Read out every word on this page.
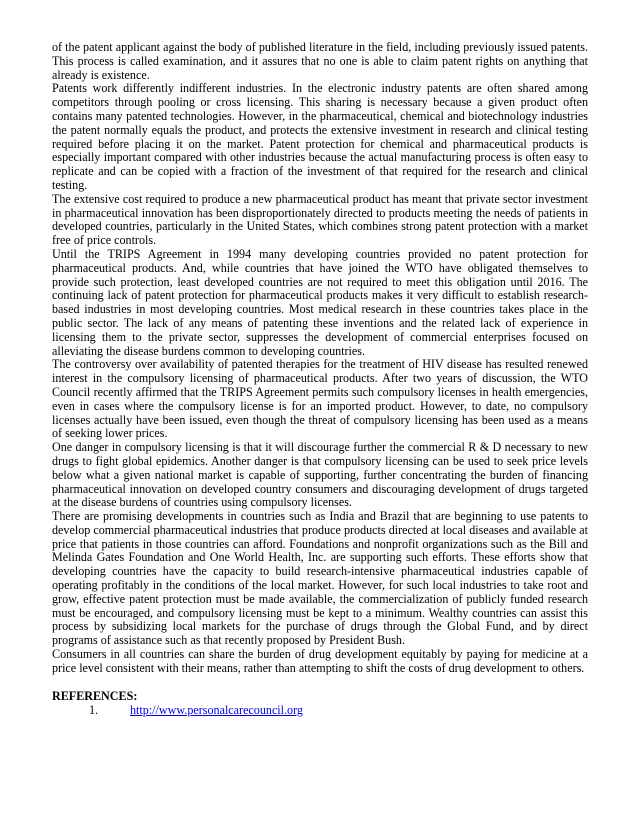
of the patent applicant against the body of published literature in the field, including previously issued patents. This process is called examination, and it assures that no one is able to claim patent rights on anything that already is existence.

Patents work differently indifferent industries. In the electronic industry patents are often shared among competitors through pooling or cross licensing. This sharing is necessary because a given product often contains many patented technologies. However, in the pharmaceutical, chemical and biotechnology industries the patent normally equals the product, and protects the extensive investment in research and clinical testing required before placing it on the market. Patent protection for chemical and pharmaceutical products is especially important compared with other industries because the actual manufacturing process is often easy to replicate and can be copied with a fraction of the investment of that required for the research and clinical testing.

The extensive cost required to produce a new pharmaceutical product has meant that private sector investment in pharmaceutical innovation has been disproportionately directed to products meeting the needs of patients in developed countries, particularly in the United States, which combines strong patent protection with a market free of price controls.

Until the TRIPS Agreement in 1994 many developing countries provided no patent protection for pharmaceutical products. And, while countries that have joined the WTO have obligated themselves to provide such protection, least developed countries are not required to meet this obligation until 2016. The continuing lack of patent protection for pharmaceutical products makes it very difficult to establish research-based industries in most developing countries. Most medical research in these countries takes place in the public sector. The lack of any means of patenting these inventions and the related lack of experience in licensing them to the private sector, suppresses the development of commercial enterprises focused on alleviating the disease burdens common to developing countries.

The controversy over availability of patented therapies for the treatment of HIV disease has resulted renewed interest in the compulsory licensing of pharmaceutical products. After two years of discussion, the WTO Council recently affirmed that the TRIPS Agreement permits such compulsory licenses in health emergencies, even in cases where the compulsory license is for an imported product. However, to date, no compulsory licenses actually have been issued, even though the threat of compulsory licensing has been used as a means of seeking lower prices.

One danger in compulsory licensing is that it will discourage further the commercial R & D necessary to new drugs to fight global epidemics. Another danger is that compulsory licensing can be used to seek price levels below what a given national market is capable of supporting, further concentrating the burden of financing pharmaceutical innovation on developed country consumers and discouraging development of drugs targeted at the disease burdens of countries using compulsory licenses.

There are promising developments in countries such as India and Brazil that are beginning to use patents to develop commercial pharmaceutical industries that produce products directed at local diseases and available at price that patients in those countries can afford. Foundations and nonprofit organizations such as the Bill and Melinda Gates Foundation and One World Health, Inc. are supporting such efforts. These efforts show that developing countries have the capacity to build research-intensive pharmaceutical industries capable of operating profitably in the conditions of the local market. However, for such local industries to take root and grow, effective patent protection must be made available, the commercialization of publicly funded research must be encouraged, and compulsory licensing must be kept to a minimum. Wealthy countries can assist this process by subsidizing local markets for the purchase of drugs through the Global Fund, and by direct programs of assistance such as that recently proposed by President Bush.

Consumers in all countries can share the burden of drug development equitably by paying for medicine at a price level consistent with their means, rather than attempting to shift the costs of drug development to others.

REFERENCES:
1.	http://www.personalcarecouncil.org
